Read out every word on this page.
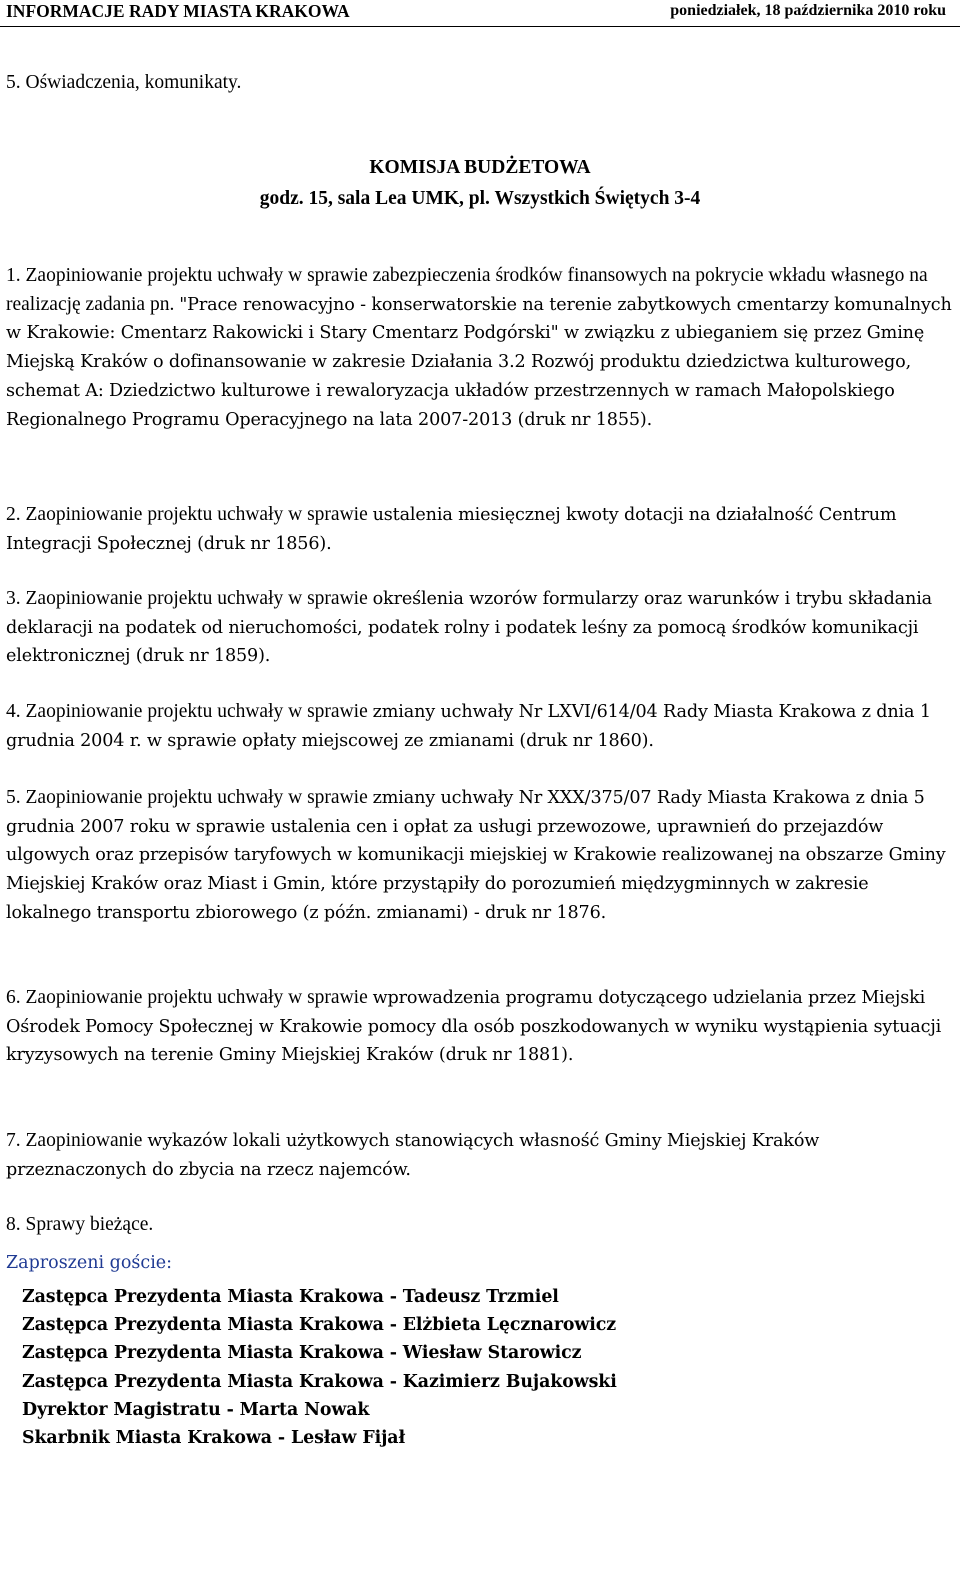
INFORMACJE RADY MIASTA KRAKOWA	poniedziałek, 18 października 2010 roku

5. Oświadczenia, komunikaty.

KOMISJA BUDŻETOWA
godz. 15, sala Lea UMK, pl. Wszystkich Świętych 3-4

1. Zaopiniowanie projektu uchwały w sprawie zabezpieczenia środków finansowych na pokrycie wkładu własnego na realizację zadania pn. "Prace renowacyjno - konserwatorskie na terenie zabytkowych cmentarzy komunalnych w Krakowie: Cmentarz Rakowicki i Stary Cmentarz Podgórski" w związku z ubieganiem się przez Gminę Miejską Kraków o dofinansowanie w zakresie Działania 3.2 Rozwój produktu dziedzictwa kulturowego, schemat A: Dziedzictwo kulturowe i rewaloryzacja układów przestrzennych w ramach Małopolskiego Regionalnego Programu Operacyjnego na lata 2007-2013 (druk nr 1855).

2. Zaopiniowanie projektu uchwały w sprawie ustalenia miesięcznej kwoty dotacji na działalność Centrum Integracji Społecznej (druk nr 1856).

3. Zaopiniowanie projektu uchwały w sprawie określenia wzorów formularzy oraz warunków i trybu składania deklaracji na podatek od nieruchomości, podatek rolny i podatek leśny za pomocą środków komunikacji elektronicznej (druk nr 1859).

4. Zaopiniowanie projektu uchwały w sprawie zmiany uchwały Nr LXVI/614/04 Rady Miasta Krakowa z dnia 1 grudnia 2004 r. w sprawie opłaty miejscowej ze zmianami (druk nr 1860).

5. Zaopiniowanie projektu uchwały w sprawie zmiany uchwały Nr XXX/375/07 Rady Miasta Krakowa z dnia 5 grudnia 2007 roku w sprawie ustalenia cen i opłat za usługi przewozowe, uprawnień do przejazdów ulgowych oraz przepisów taryfowych w komunikacji miejskiej w Krakowie realizowanej na obszarze Gminy Miejskiej Kraków oraz Miast i Gmin, które przystąpiły do porozumień międzygminnych w zakresie lokalnego transportu zbiorowego (z późn. zmianami) - druk nr 1876.

6. Zaopiniowanie projektu uchwały w sprawie wprowadzenia programu dotyczącego udzielania przez Miejski Ośrodek Pomocy Społecznej w Krakowie pomocy dla osób poszkodowanych w wyniku wystąpienia sytuacji kryzysowych na terenie Gminy Miejskiej Kraków (druk nr 1881).

7. Zaopiniowanie wykazów lokali użytkowych stanowiących własność Gminy Miejskiej Kraków przeznaczonych do zbycia na rzecz najemców.

8. Sprawy bieżące.

Zaproszeni goście:
Zastępca Prezydenta Miasta Krakowa - Tadeusz Trzmiel
Zastępca Prezydenta Miasta Krakowa - Elżbieta Lęcznarowicz
Zastępca Prezydenta Miasta Krakowa - Wiesław Starowicz
Zastępca Prezydenta Miasta Krakowa - Kazimierz Bujakowski
Dyrektor Magistratu - Marta Nowak
Skarbnik Miasta Krakowa - Lesław Fijał
